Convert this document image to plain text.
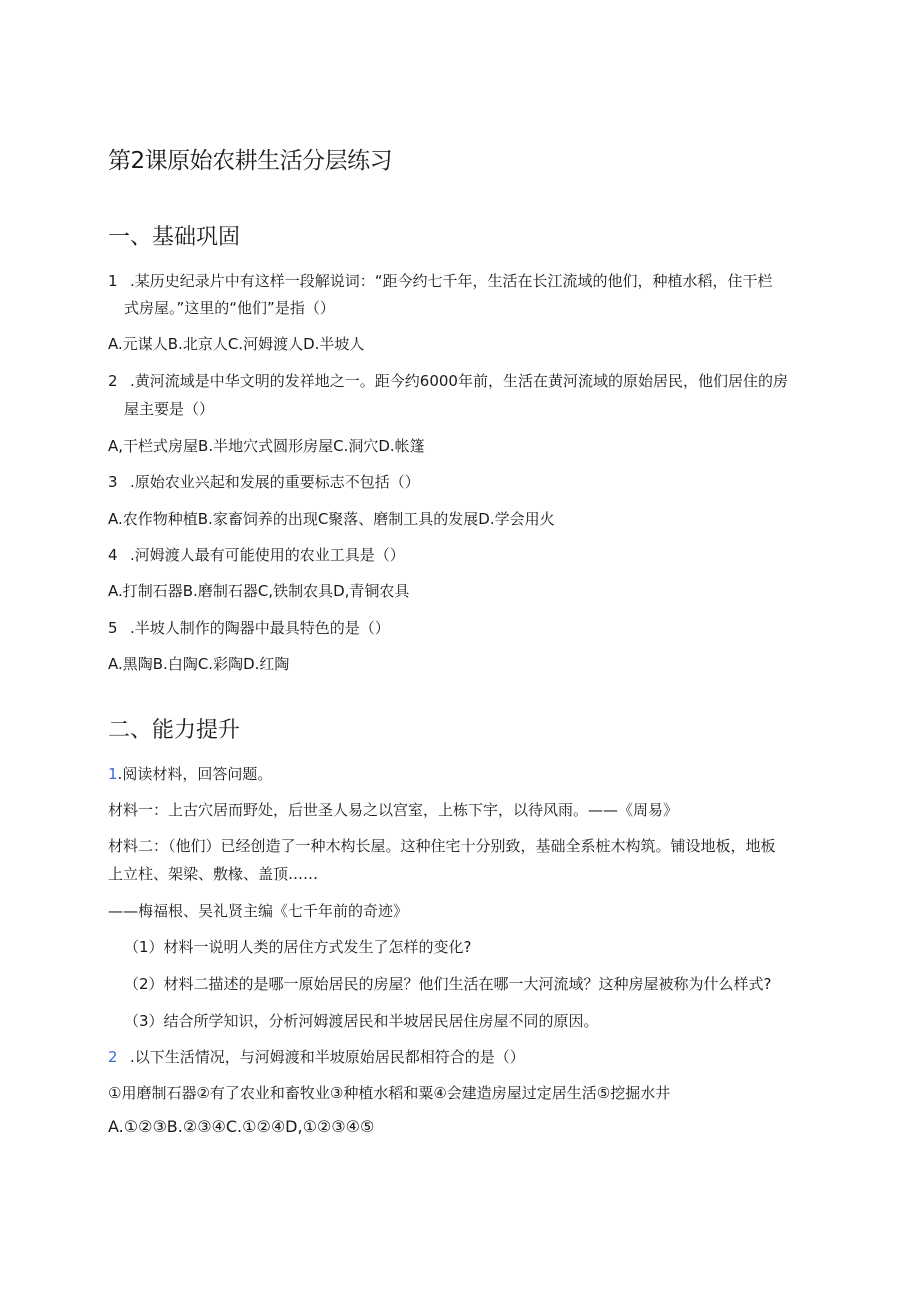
第2课原始农耕生活分层练习
一、基础巩固
1 .某历史纪录片中有这样一段解说词：“距今约七千年，生活在长江流域的他们，种植水稻，住干栏
式房屋。”这里的“他们”是指（）
A.元谋人B.北京人C.河姆渡人D.半坡人
2 .黄河流域是中华文明的发祥地之一。距今约6000年前，生活在黄河流域的原始居民，他们居住的房
屋主要是（）
A,干栏式房屋B.半地穴式圆形房屋C.洞穴D.帐篷
3 .原始农业兴起和发展的重要标志不包括（）
A.农作物种植B.家畜饲养的出现C聚落、磨制工具的发展D.学会用火
4 .河姆渡人最有可能使用的农业工具是（）
A.打制石器B.磨制石器C,铁制农具D,青铜农具
5 .半坡人制作的陶器中最具特色的是（）
A.黑陶B.白陶C.彩陶D.红陶
二、能力提升
1.阅读材料，回答问题。
材料一：上古穴居而野处，后世圣人易之以宫室，上栋下宇，以待风雨。——《周易》
材料二：（他们）已经创造了一种木构长屋。这种住宅十分别致，基础全系桩木构筑。铺设地板，地板
上立柱、架梁、敷椽、盖顶……
——梅福根、吴礼贤主编《七千年前的奇迹》
（1）材料一说明人类的居住方式发生了怎样的变化?
（2）材料二描述的是哪一原始居民的房屋？他们生活在哪一大河流域？这种房屋被称为什么样式?
（3）结合所学知识，分析河姆渡居民和半坡居民居住房屋不同的原因。
2 .以下生活情况，与河姆渡和半坡原始居民都相符合的是（）
①用磨制石器②有了农业和畜牧业③种植水稻和粟④会建造房屋过定居生活⑤挖掘水井
A.①②③B.②③④C.①②④D,①②③④⑤
